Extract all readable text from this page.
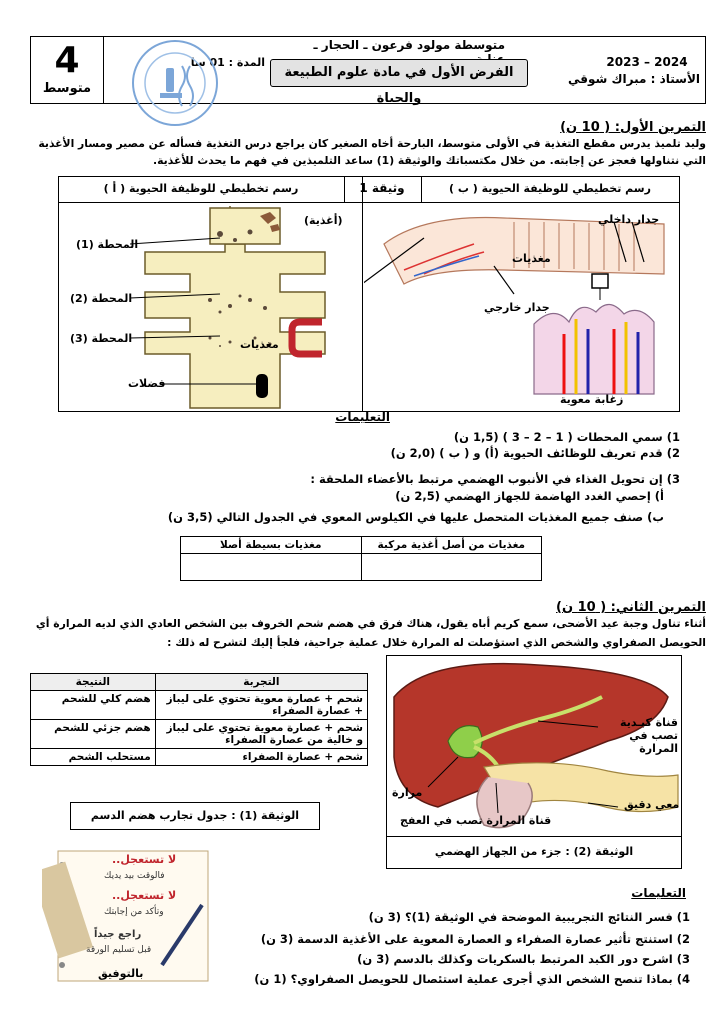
4
متوسط
متوسطة مولود فرعون ـ الحجار ـ
المدة : 01 سا
الفرض الأول في مادة علوم الطبيعة والحياة
2023 – 2024
الأستاذ : مبراك شوقي
التمرين الأول: ( 10 ن)
وليد تلميذ يدرس مقطع التغذية في الأولى متوسط، البارحة أخاه الصغير كان يراجع درس التغذية فسأله عن مصير ومسار الأغذية
التي نتناولها فعجز عن إجابته. من خلال مكتسباتك والوثيقة (1) ساعد التلميذين في فهم ما يحدث للأغذية.
رسم تخطيطي للوظيفة الحيوية ( أ )	وثيقة 1	رسم تخطيطي للوظيفة الحيوية ( ب )
(أغذية)
المحطة (1)
المحطة (2)
المحطة (3)	مغذيات
فضلات
جدار داخلي
مغذيات
جدار خارجي
زغابة معوية
التعليمات
1) سمي المحطات ( 1 – 2 – 3 ) (1,5 ن)
2) قدم تعريف للوظائف الحيوية (أ) و ( ب ) (2,0 ن)
3) إن تحويل الغذاء في الأنبوب الهضمي مرتبط بالأعضاء الملحقة :
أ) إحصي الغدد الهاضمة للجهاز الهضمي (2,5 ن)
ب) صنف جميع المغذيات المتحصل عليها في الكيلوس المعوي في الجدول التالي (3,5 ن)
مغذيات من أصل أغذية مركبة	مغذيات بسيطة أصلا

التمرين الثاني: ( 10 ن)
أثناء تناول وجبة عيد الأضحى، سمع كريم أباه يقول، هناك فرق في هضم شحم الخروف بين الشخص العادي الذي لديه المرارة أي
الحويصل الصفراوي والشخص الذي استؤصلت له المرارة خلال عملية جراحية، فلجأ إليك لتشرح له ذلك :
التجربة	النتيجة
شحم + عصارة معوية تحتوي على ليباز + عصارة الصفراء	هضم كلي للشحم
شحم + عصارة معوية تحتوي على ليباز و خالية من عصارة الصفراء	هضم جزئي للشحم
شحم + عصارة الصفراء	مستحلب الشحم
الوثيقة (1) : جدول تجارب هضم الدسم
قناة كبـدية تصب في المرارة
مرارة
معي دقيق
قناة المرارة تصب في العفج
الوثيقة (2) : جزء من الجهاز الهضمي
لا تستعجل..
فالوقت بيد يديك
لا تستعجل..
وتأكد من إجابتك
راجع جيداً
قبل تسليم الورقة
بالتوفيق
التعليمات
1) فسر النتائج التجريبية الموضحة في الوثيقة (1)؟ (3 ن)
2) استنتج تأثير عصارة الصفراء و العصارة المعوية على الأغذية الدسمة (3 ن)
3) اشرح دور الكبد المرتبط بالسكريات وكذلك بالدسم (3 ن)
4) بماذا تنصح الشخص الذي أجرى عملية استئصال للحويصل الصفراوي؟ (1 ن)
